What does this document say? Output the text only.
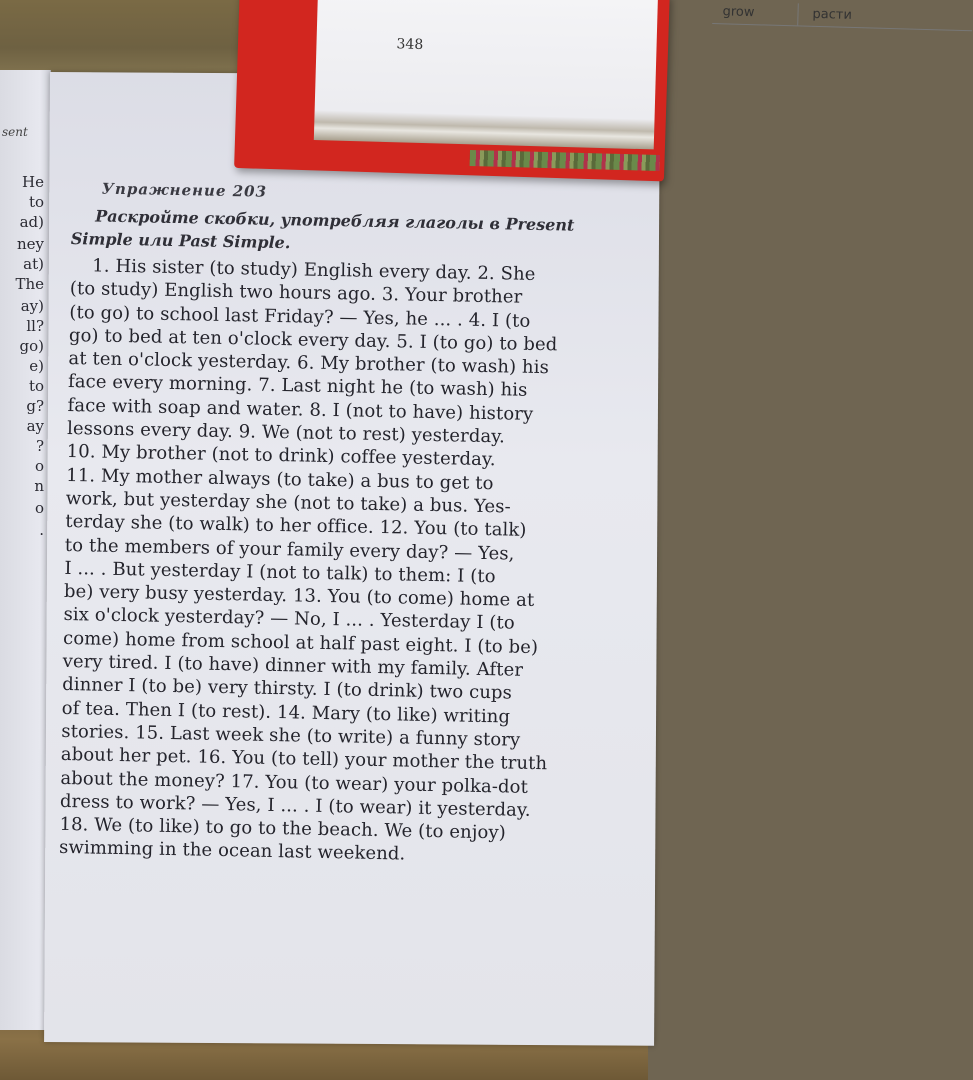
sent
He
to
ad)
ney
at)
The
ay)
ll?
go)
e)
to
g?
ay
?
o
n
o
.
grow	расти
348
Упражнение 203
Раскройте скобки, употребляя глаголы в Present
Simple или Past Simple.
1. His sister (to study) English every day. 2. She
(to study) English two hours ago. 3. Your brother
(to go) to school last Friday? — Yes, he ... . 4. I (to
go) to bed at ten o'clock every day. 5. I (to go) to bed
at ten o'clock yesterday. 6. My brother (to wash) his
face every morning. 7. Last night he (to wash) his
face with soap and water. 8. I (not to have) history
lessons every day. 9. We (not to rest) yesterday.
10. My brother (not to drink) coffee yesterday.
11. My mother always (to take) a bus to get to
work, but yesterday she (not to take) a bus. Yes-
terday she (to walk) to her office. 12. You (to talk)
to the members of your family every day? — Yes,
I ... . But yesterday I (not to talk) to them: I (to
be) very busy yesterday. 13. You (to come) home at
six o'clock yesterday? — No, I ... . Yesterday I (to
come) home from school at half past eight. I (to be)
very tired. I (to have) dinner with my family. After
dinner I (to be) very thirsty. I (to drink) two cups
of tea. Then I (to rest). 14. Mary (to like) writing
stories. 15. Last week she (to write) a funny story
about her pet. 16. You (to tell) your mother the truth
about the money? 17. You (to wear) your polka-dot
dress to work? — Yes, I ... . I (to wear) it yesterday.
18. We (to like) to go to the beach. We (to enjoy)
swimming in the ocean last weekend.
